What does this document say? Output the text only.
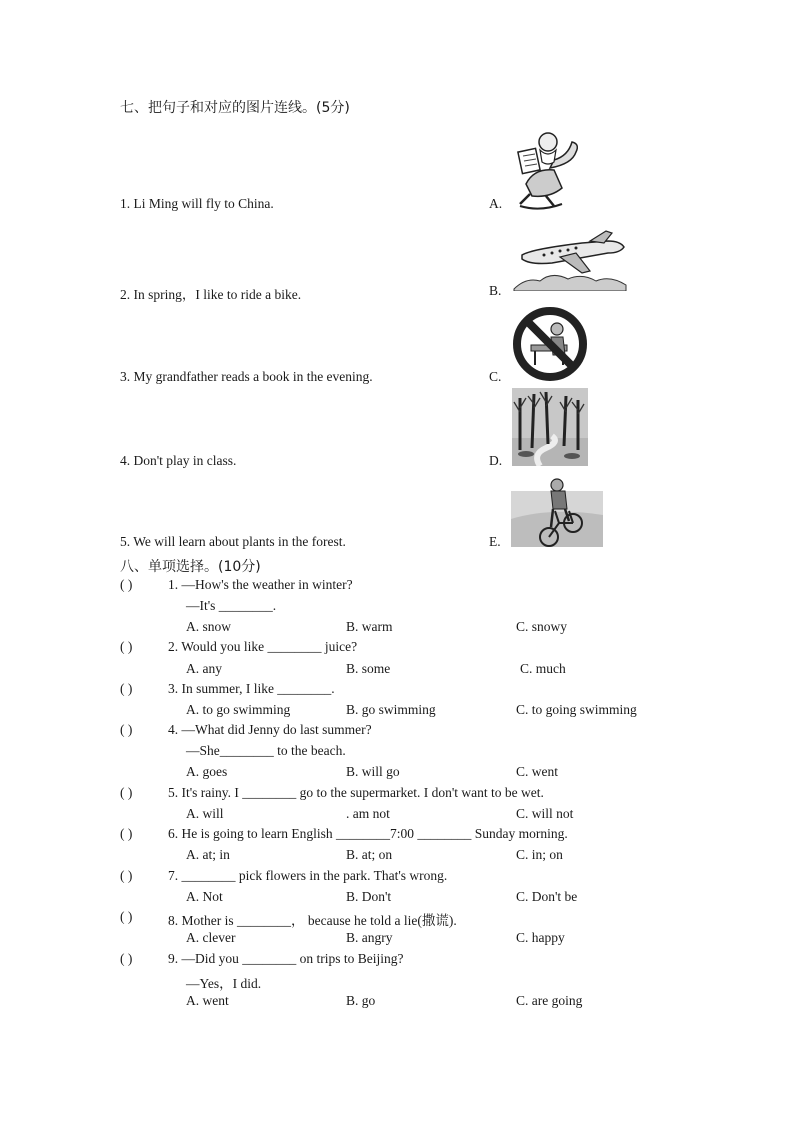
七、把句子和对应的图片连线。(5分)
1. Li Ming will fly to China.
2. In spring，I like to ride a bike.
3. My grandfather reads a book in the evening.
4. Don't play in class.
5. We will learn about plants in the forest.
A.
B.
C.
D.
E.
八、单项选择。(10分)
( )	1. —How's the weather in winter?
—It's ________.
A. snow	B. warm	C. snowy
( )	2. Would you like ________ juice?
A. any	B. some	C. much
( )	3. In summer, I like ________.
A. to go swimming	B. go swimming	C. to going swimming
( )	4. —What did Jenny do last summer?
—She________ to the beach.
A. goes	B. will go	C. went
( )	5. It's rainy. I ________ go to the supermarket. I don't want to be wet.
A. will	. am not	C. will not
( )	6. He is going to learn English ________7:00 ________ Sunday morning.
A. at; in	B. at; on	C. in; on
( )	7. ________ pick flowers in the park. That's wrong.
A. Not	B. Don't	C. Don't be
( )	8. Mother is ________， because he told a lie(撒谎).
A. clever	B. angry	C. happy
( )	9. —Did you ________ on trips to Beijing?
—Yes，I did.
A. went	B. go	C. are going
